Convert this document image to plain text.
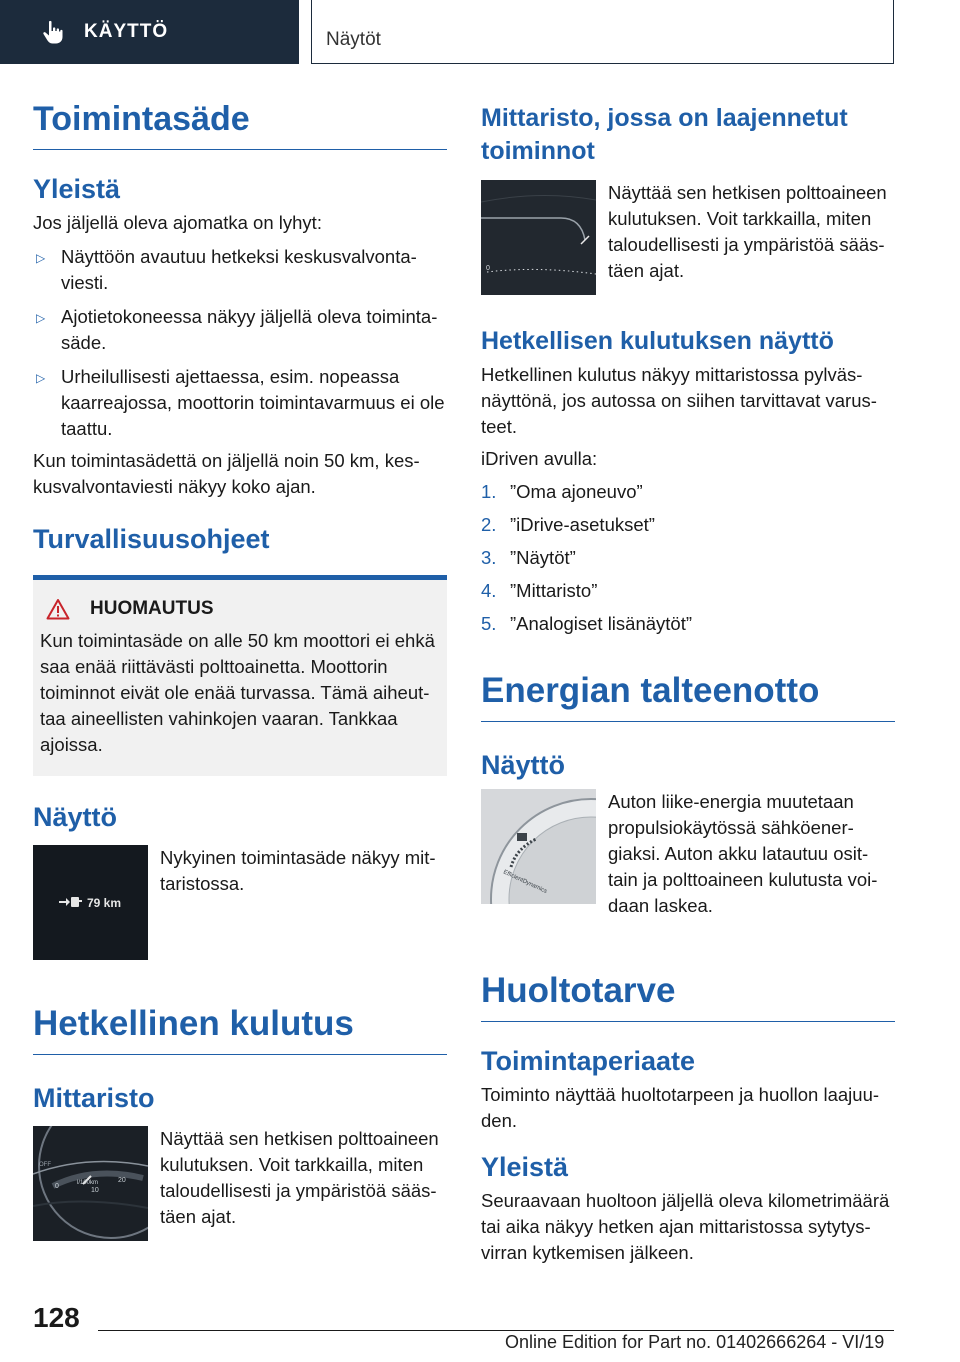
KÄYTTÖ	Näytöt
Toimintasäde
Yleistä

Jos jäljellä oleva ajomatka on lyhyt:

▷ Näyttöön avautuu hetkeksi keskusvalvonta-viesti.
▷ Ajotietokoneessa näkyy jäljellä oleva toiminta-säde.
▷ Urheilullisesti ajettaessa, esim. nopeassa kaarreajossa, moottorin toimintavarmuus ei ole taattu.

Kun toimintasädettä on jäljellä noin 50 km, kes-kusvalvontaviesti näkyy koko ajan.

Turvallisuusohjeet
HUOMAUTUS

Kun toimintasäde on alle 50 km moottori ei ehkä saa enää riittävästi polttoainetta. Moottorin toiminnot eivät ole enää turvassa. Tämä aiheut-taa aineellisten vahinkojen vaaran. Tankkaa ajoissa.

Näyttö
79 km

Nykyinen toimintasäde näkyy mit-taristossa.

Hetkellinen kulutus
Mittaristo
OFF
l/100km	20
10
0

Näyttää sen hetkisen polttoaineen kulutuksen. Voit tarkkailla, miten taloudellisesti ja ympäristöä sääs-täen ajat.

Mittaristo, jossa on laajennetut toiminnot
0

Näyttää sen hetkisen polttoaineen kulutuksen. Voit tarkkailla, miten taloudellisesti ja ympäristöä sääs-täen ajat.

Hetkellisen kulutuksen näyttö

Hetkellinen kulutus näkyy mittaristossa pylväs-näyttönä, jos autossa on siihen tarvittavat varus-teet.

iDriven avulla:

1. ”Oma ajoneuvo”
2. ”iDrive-asetukset”
3. ”Näytöt”
4. ”Mittaristo”
5. ”Analogiset lisänäytöt”
Energian talteenotto
Näyttö
EfficientDynamics

Auton liike-energia muutetaan propulsiokäytössä sähköener-giaksi. Auton akku latautuu osit-tain ja polttoaineen kulutusta voi-daan laskea.

Huoltotarve
Toimintaperiaate

Toiminto näyttää huoltotarpeen ja huollon laajuu-den.

Yleistä

Seuraavaan huoltoon jäljellä oleva kilometrimäärä tai aika näkyy hetken ajan mittaristossa sytytys-virran kytkemisen jälkeen.

128
Online Edition for Part no. 01402666264 - VI/19
